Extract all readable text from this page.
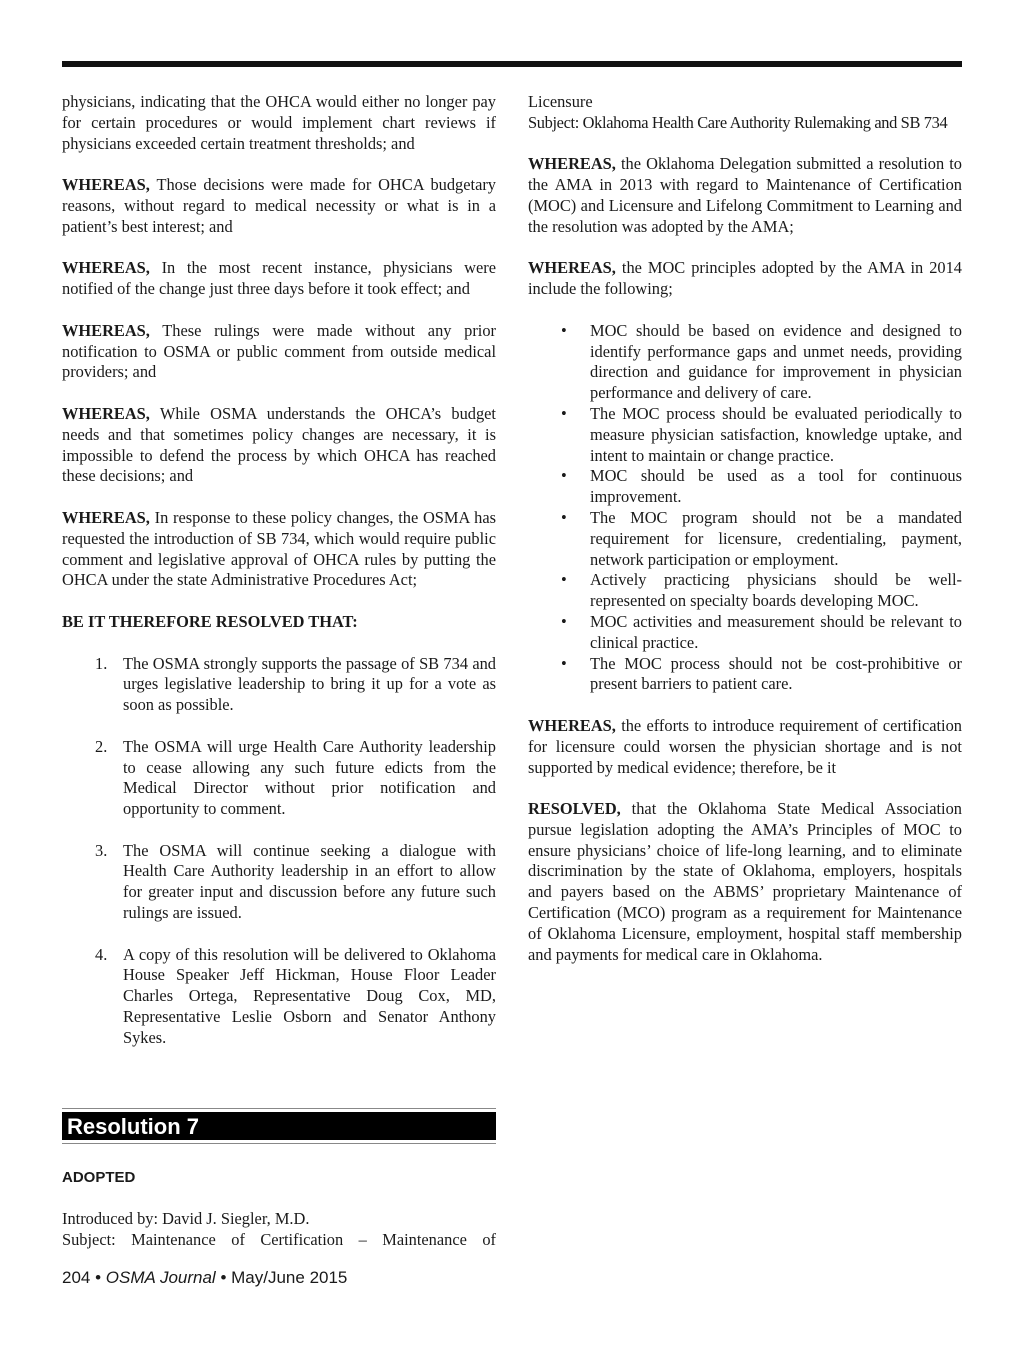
physicians, indicating that the OHCA would either no longer pay for certain procedures or would implement chart reviews if physicians exceeded certain treatment thresholds; and

WHEREAS, Those decisions were made for OHCA budgetary reasons, without regard to medical necessity or what is in a patient’s best interest; and

WHEREAS, In the most recent instance, physicians were notified of the change just three days before it took effect; and

WHEREAS, These rulings were made without any prior notification to OSMA or public comment from outside medical providers; and

WHEREAS, While OSMA understands the OHCA’s budget needs and that sometimes policy changes are necessary, it is impossible to defend the process by which OHCA has reached these decisions; and

WHEREAS, In response to these policy changes, the OSMA has requested the introduction of SB 734, which would require public comment and legislative approval of OHCA rules by putting the OHCA under the state Administrative Procedures Act;

BE IT THEREFORE RESOLVED THAT:

1. The OSMA strongly supports the passage of SB 734 and urges legislative leadership to bring it up for a vote as soon as possible.
2. The OSMA will urge Health Care Authority leadership to cease allowing any such future edicts from the Medical Director without prior notification and opportunity to comment.
3. The OSMA will continue seeking a dialogue with Health Care Authority leadership in an effort to allow for greater input and discussion before any future such rulings are issued.
4. A copy of this resolution will be delivered to Oklahoma House Speaker Jeff Hickman, House Floor Leader Charles Ortega, Representative Doug Cox, MD, Representative Leslie Osborn and Senator Anthony Sykes.
Resolution 7
ADOPTED

Introduced by: David J. Siegler, M.D.

Subject: Maintenance of Certification – Maintenance of

Licensure

Subject: Oklahoma Health Care Authority Rulemaking and SB 734

WHEREAS, the Oklahoma Delegation submitted a resolution to the AMA in 2013 with regard to Maintenance of Certification (MOC) and Licensure and Lifelong Commitment to Learning and the resolution was adopted by the AMA;

WHEREAS, the MOC principles adopted by the AMA in 2014 include the following;

• MOC should be based on evidence and designed to identify performance gaps and unmet needs, providing direction and guidance for improvement in physician performance and delivery of care.
• The MOC process should be evaluated periodically to measure physician satisfaction, knowledge uptake, and intent to maintain or change practice.
• MOC should be used as a tool for continuous improvement.
• The MOC program should not be a mandated requirement for licensure, credentialing, payment, network participation or employment.
• Actively practicing physicians should be well-represented on specialty boards developing MOC.
• MOC activities and measurement should be relevant to clinical practice.
• The MOC process should not be cost-prohibitive or present barriers to patient care.

WHEREAS, the efforts to introduce requirement of certification for licensure could worsen the physician shortage and is not supported by medical evidence; therefore, be it

RESOLVED, that the Oklahoma State Medical Association pursue legislation adopting the AMA’s Principles of MOC to ensure physicians’ choice of life-long learning, and to eliminate discrimination by the state of Oklahoma, employers, hospitals and payers based on the ABMS’ proprietary Maintenance of Certification (MCO) program as a requirement for Maintenance of Oklahoma Licensure, employment, hospital staff membership and payments for medical care in Oklahoma.

204 • OSMA Journal • May/June 2015
